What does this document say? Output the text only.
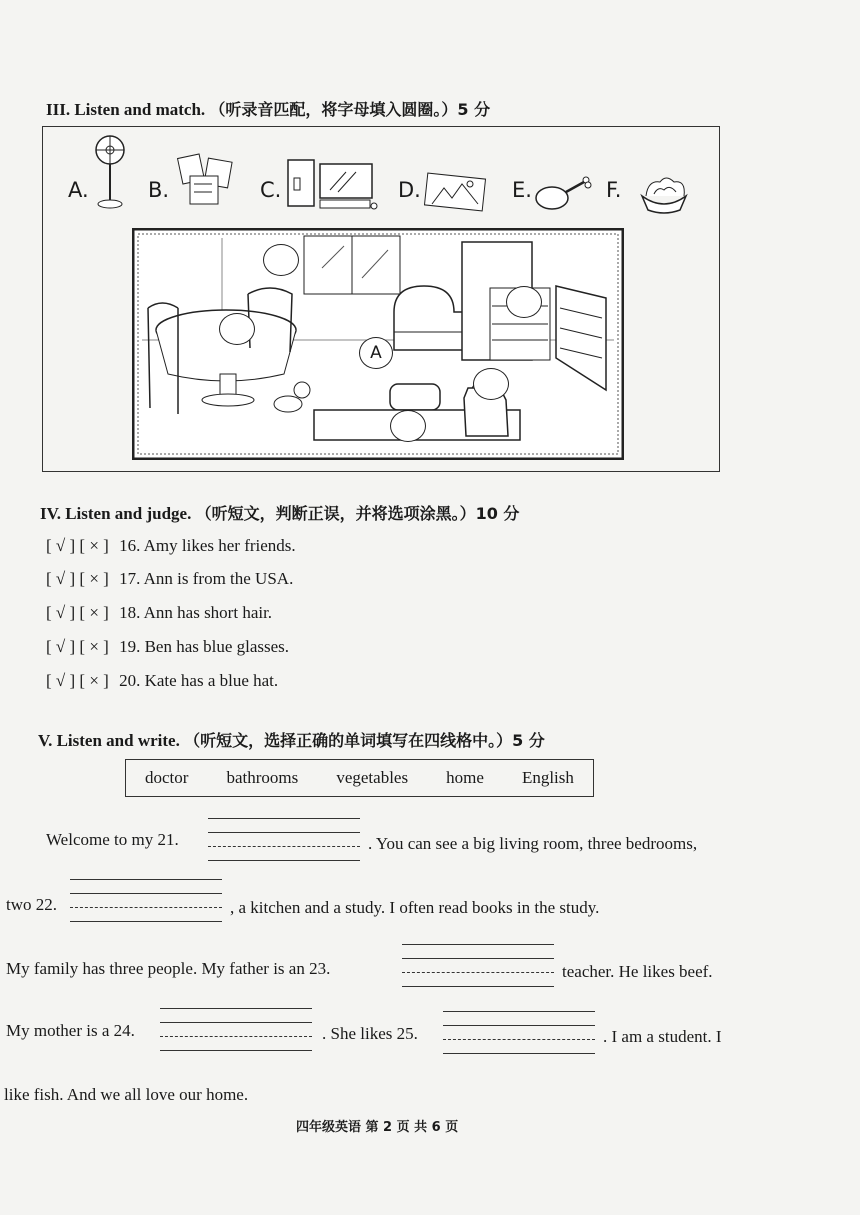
III. Listen and match. （听录音匹配，将字母填入圆圈。）5 分
A.	B.	C.	D.	E.	F.
A
IV. Listen and judge. （听短文，判断正误，并将选项涂黑。）10 分
[ √ ] [ × ] 16. Amy likes her friends.
[ √ ] [ × ] 17. Ann is from the USA.
[ √ ] [ × ] 18. Ann has short hair.
[ √ ] [ × ] 19. Ben has blue glasses.
[ √ ] [ × ] 20. Kate has a blue hat.
V. Listen and write. （听短文，选择正确的单词填写在四线格中。）5 分
doctor bathrooms vegetables home English
Welcome to my 21.	. You can see a big living room, three bedrooms,
two 22.	, a kitchen and a study. I often read books in the study.
My family has three people. My father is an 23.	teacher. He likes beef.
My mother is a 24.	. She likes 25.	. I am a student. I
like fish. And we all love our home.
四年级英语 第 2 页 共 6 页
